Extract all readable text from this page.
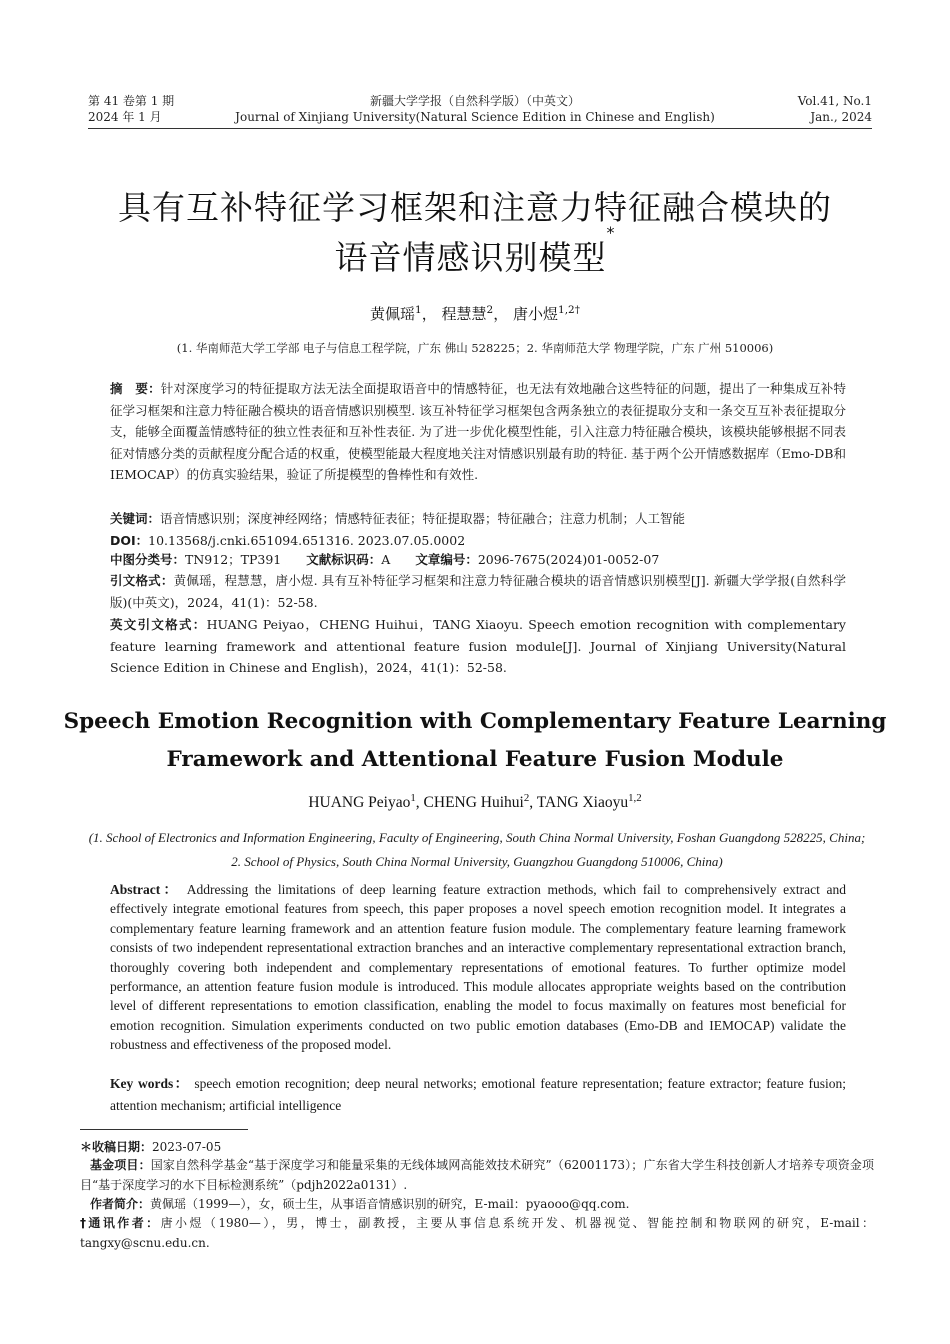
第 41 卷第 1 期
2024 年 1 月
新疆大学学报（自然科学版）（中英文）
Journal of Xinjiang University(Natural Science Edition in Chinese and English)
Vol.41, No.1
Jan., 2024
具有互补特征学习框架和注意力特征融合模块的
语音情感识别模型*
黄佩瑶$^1$， 程慧慧$^2$， 唐小煜$^{1,2\dagger}$
(1. 华南师范大学工学部 电子与信息工程学院，广东 佛山 528225；2. 华南师范大学 物理学院，广东 广州 510006)
摘　要：针对深度学习的特征提取方法无法全面提取语音中的情感特征，也无法有效地融合这些特征的问题，提出了一种集成互补特征学习框架和注意力特征融合模块的语音情感识别模型. 该互补特征学习框架包含两条独立的表征提取分支和一条交互互补表征提取分支，能够全面覆盖情感特征的独立性表征和互补性表征. 为了进一步优化模型性能，引入注意力特征融合模块，该模块能够根据不同表征对情感分类的贡献程度分配合适的权重，使模型能最大程度地关注对情感识别最有助的特征. 基于两个公开情感数据库（Emo-DB和IEMOCAP）的仿真实验结果，验证了所提模型的鲁棒性和有效性.
关键词：语音情感识别；深度神经网络；情感特征表征；特征提取器；特征融合；注意力机制；人工智能
DOI：10.13568/j.cnki.651094.651316. 2023.07.05.0002
中图分类号：TN912；TP391   文献标识码：A   文章编号：2096-7675(2024)01-0052-07
引文格式：黄佩瑶，程慧慧，唐小煜. 具有互补特征学习框架和注意力特征融合模块的语音情感识别模型[J]. 新疆大学学报(自然科学版)(中英文)，2024，41(1)：52-58.
英文引文格式：HUANG Peiyao，CHENG Huihui，TANG Xiaoyu. Speech emotion recognition with complementary feature learning framework and attentional feature fusion module[J]. Journal of Xinjiang University(Natural Science Edition in Chinese and English)，2024，41(1)：52-58.
Speech Emotion Recognition with Complementary Feature Learning
Framework and Attentional Feature Fusion Module
HUANG Peiyao$^1$, CHENG Huihui$^2$, TANG Xiaoyu$^{1,2}$
(1. School of Electronics and Information Engineering, Faculty of Engineering, South China Normal University, Foshan Guangdong 528225, China; 2. School of Physics, South China Normal University, Guangzhou Guangdong 510006, China)
Abstract： Addressing the limitations of deep learning feature extraction methods, which fail to comprehensively extract and effectively integrate emotional features from speech, this paper proposes a novel speech emotion recognition model. It integrates a complementary feature learning framework and an attention feature fusion module. The complementary feature learning framework consists of two independent representational extraction branches and an interactive complementary representational extraction branch, thoroughly covering both independent and complementary representations of emotional features. To further optimize model performance, an attention feature fusion module is introduced. This module allocates appropriate weights based on the contribution level of different representations to emotion classification, enabling the model to focus maximally on features most beneficial for emotion recognition. Simulation experiments conducted on two public emotion databases (Emo-DB and IEMOCAP) validate the robustness and effectiveness of the proposed model.
Key words： speech emotion recognition; deep neural networks; emotional feature representation; feature extractor; feature fusion; attention mechanism; artificial intelligence
＊收稿日期：2023-07-05
基金项目：国家自然科学基金“基于深度学习和能量采集的无线体域网高能效技术研究”（62001173）；广东省大学生科技创新人才培养专项资金项目“基于深度学习的水下目标检测系统”（pdjh2022a0131）.
作者简介：黄佩瑶（1999—），女，硕士生，从事语音情感识别的研究，E-mail：pyaooo@qq.com.
†通讯作者：唐小煜（1980—），男，博士，副教授，主要从事信息系统开发、机器视觉、智能控制和物联网的研究，E-mail：tangxy@scnu.edu.cn.
